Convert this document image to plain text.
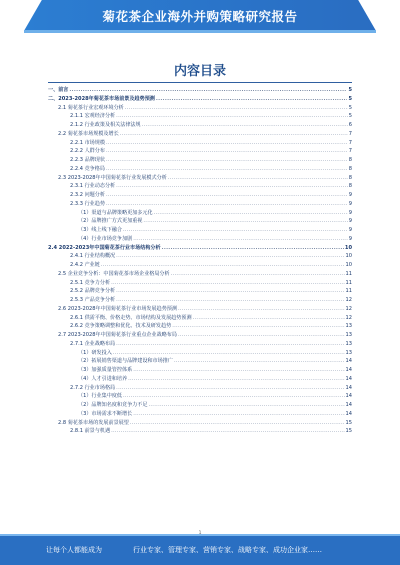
菊花茶企业海外并购策略研究报告
内容目录
一、前言 .....	5
二、2023-2028年菊花茶市场前景及趋势预测 .....	5
2.1 菊花茶行业宏观环境分析 .....	5
2.1.1 宏观经济分析 .....	5
2.1.2 行业政策及相关法律法规 .....	6
2.2 菊花茶市场规模及增长 .....	7
2.2.1 市场规模 .....	7
2.2.2 人群分布 .....	7
2.2.3 品牌现状 .....	8
2.2.4 竞争格局 .....	8
2.3 2023-2028年中国菊花茶行业发展模式分析 .....	8
2.3.1 行业动态分析 .....	8
2.3.2 问题分析 .....	9
2.3.3 行业趋势 .....	9
（1）渠道与品牌策略更加多元化 .....	9
（2）品牌推广方式更加重视 .....	9
（3）线上线下融合 .....	9
（4）行业市场竞争加剧 .....	9
2.4 2022-2023年中国菊花茶行业市场结构分析 .....	10
2.4.1 行业结构概况 .....	10
2.4.2 产业链 .....	10
2.5 企业竞争分析：中国菊花茶市场企业格局分析 .....	11
2.5.1 竞争力分析 .....	11
2.5.2 品牌竞争分析 .....	11
2.5.3 产品竞争分析 .....	12
2.6 2023-2028年中国菊花茶行业市场发展趋势预测 .....	12
2.6.1 供需平衡、价格走势、市场结构及发展趋势预测 .....	12
2.6.2 竞争策略调整和优化、技术及研发趋势 .....	13
2.7 2023-2028年中国菊花茶行业重点企业战略布局 .....	13
2.7.1 企业战略布局 .....	13
（1）研发投入 .....	13
（2）拓展销售渠道与品牌建设和市场推广 .....	14
（3）加强质量管控体系 .....	14
（4）人才引进和培养 .....	14
2.7.2 行业市场格局 .....	14
（1）行业集中度低 .....	14
（2）品牌知名度和竞争力不足 .....	14
（3）市场需求不断增长 .....	14
2.8 菊花茶市场的发展前景展望 .....	15
2.8.1 前景与机遇 .....	15
让每个人都能成为	行业专家、管理专家、营销专家、战略专家、成功企业家……
